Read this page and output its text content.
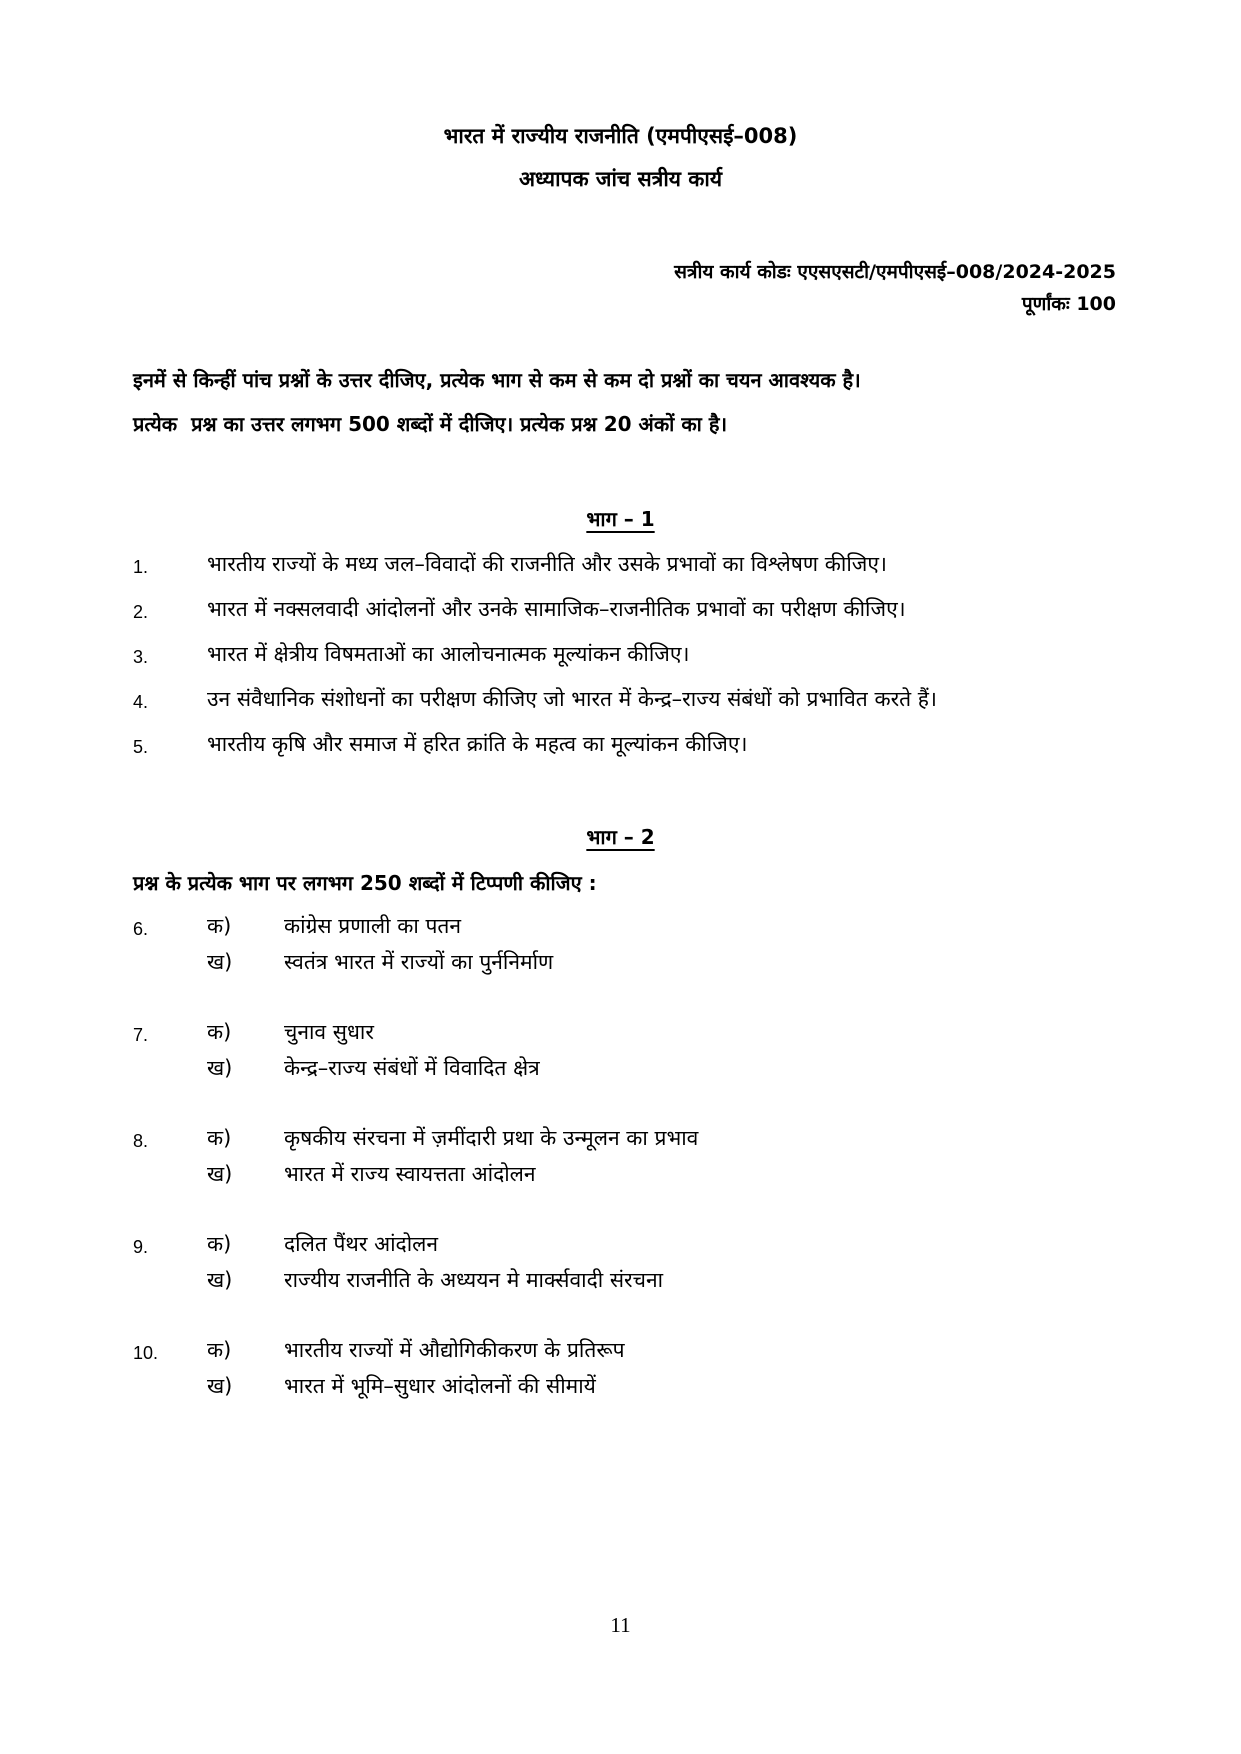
भारत में राज्यीय राजनीति (एमपीएसई–008)
अध्यापक जांच सत्रीय कार्य
सत्रीय कार्य कोडः एएसएसटी/एमपीएसई–008/2024-2025
पूर्णांकः 100
इनमें से किन्हीं पांच प्रश्नों के उत्तर दीजिए, प्रत्येक भाग से कम से कम दो प्रश्नों का चयन आवश्यक है।
प्रत्येक  प्रश्न का उत्तर लगभग 500 शब्दों में दीजिए। प्रत्येक प्रश्न 20 अंकों का है।
भाग – 1
1.	भारतीय राज्यों के मध्य जल–विवादों की राजनीति और उसके प्रभावों का विश्लेषण कीजिए।
2.	भारत में नक्सलवादी आंदोलनों और उनके सामाजिक–राजनीतिक प्रभावों का परीक्षण कीजिए।
3.	भारत में क्षेत्रीय विषमताओं का आलोचनात्मक मूल्यांकन कीजिए।
4.	उन संवैधानिक संशोधनों का परीक्षण कीजिए जो भारत में केन्द्र–राज्य संबंधों को प्रभावित करते हैं।
5.	भारतीय कृषि और समाज में हरित क्रांति के महत्व का मूल्यांकन कीजिए।
भाग – 2
प्रश्न के प्रत्येक भाग पर लगभग 250 शब्दों में टिप्पणी कीजिए :
6.	क)	कांग्रेस प्रणाली का पतन
ख) स्वतंत्र भारत में राज्यों का पुर्ननिर्माण
7.	क)	चुनाव सुधार
ख) केन्द्र–राज्य संबंधों में विवादित क्षेत्र
8.	क)	कृषकीय संरचना में ज़मींदारी प्रथा के उन्मूलन का प्रभाव
ख) भारत में राज्य स्वायत्तता आंदोलन
9.	क)	दलित पैंथर आंदोलन
ख) राज्यीय राजनीति के अध्ययन मे मार्क्सवादी संरचना
10. क)	भारतीय राज्यों में औद्योगिकीकरण के प्रतिरूप
ख) भारत में भूमि–सुधार आंदोलनों की सीमायें
11
